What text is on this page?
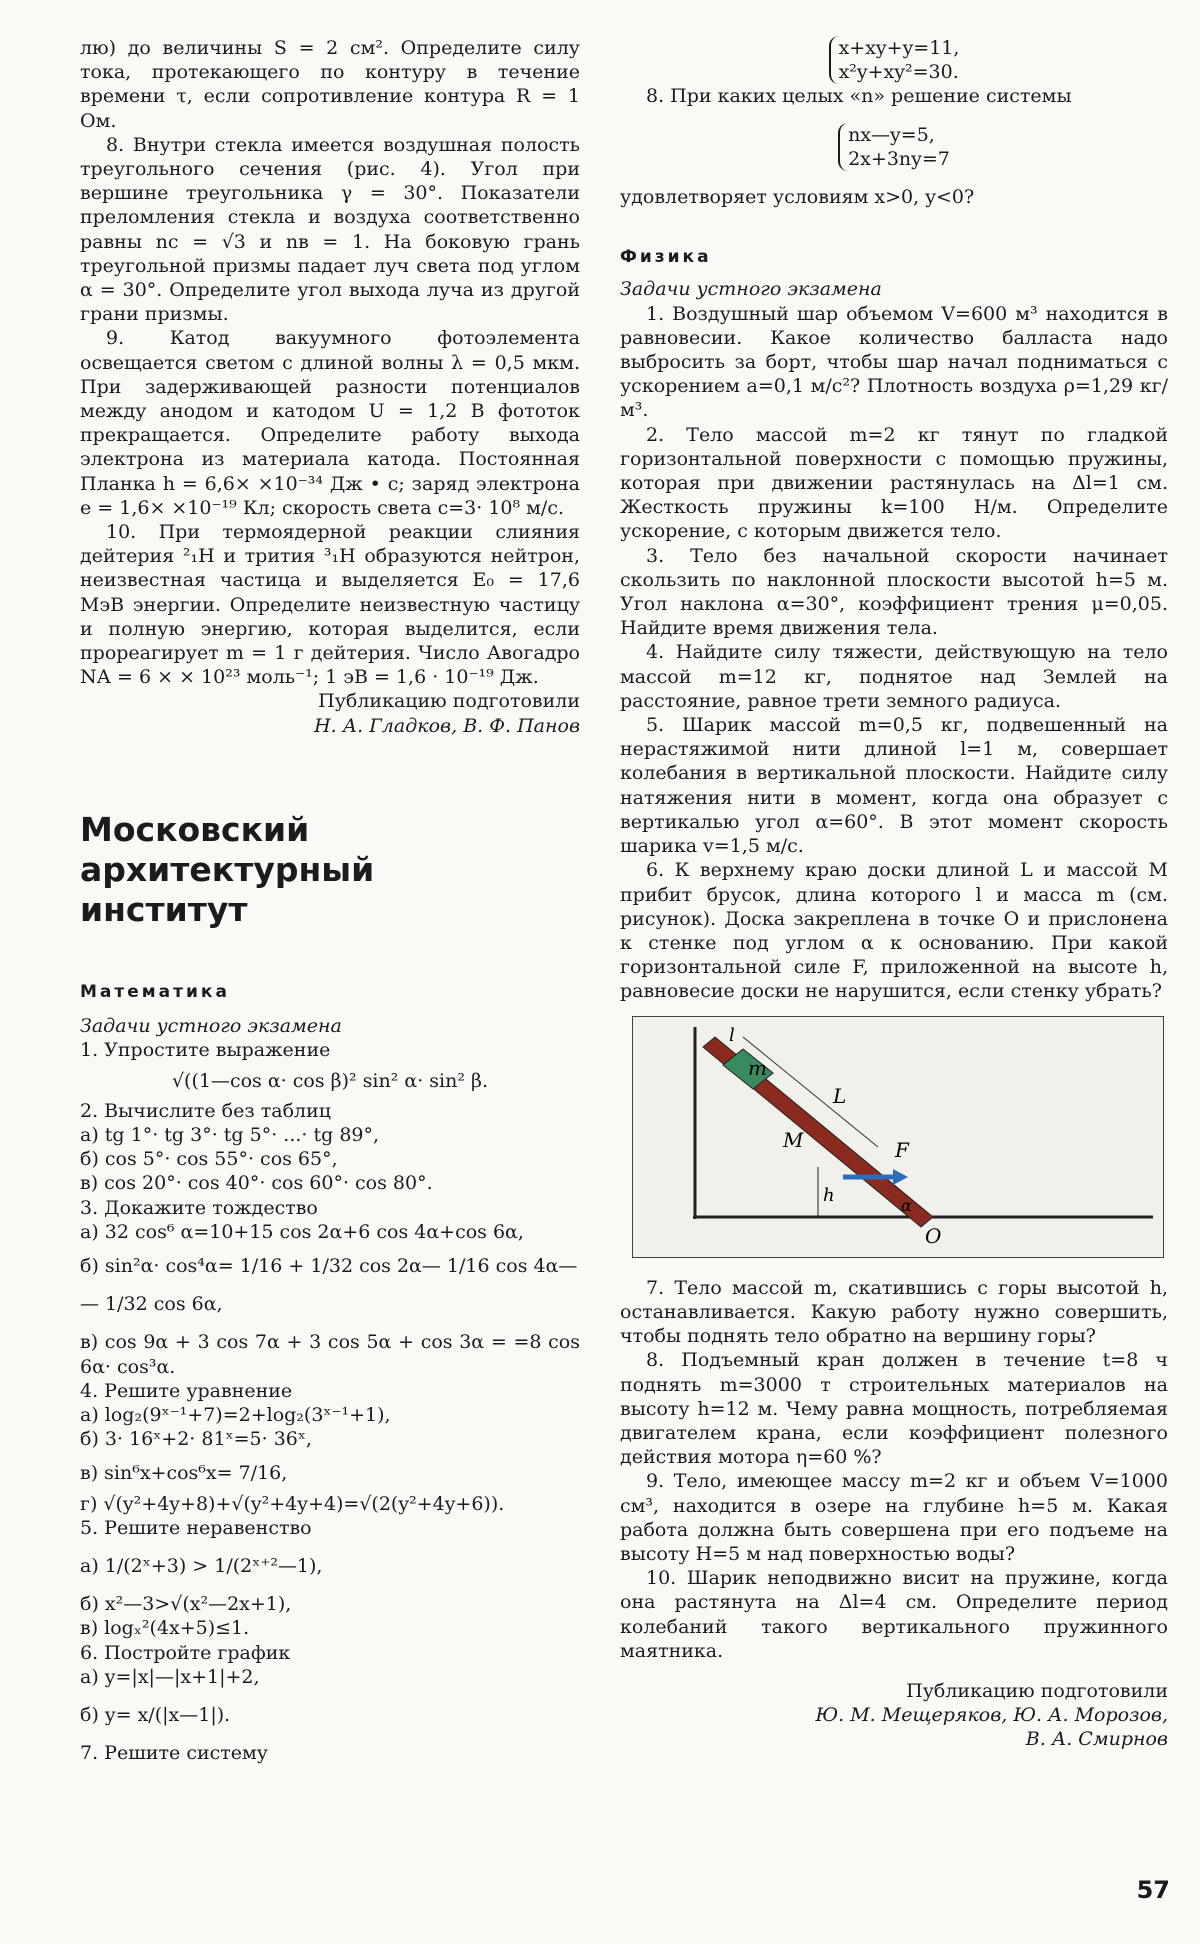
лю) до величины S = 2 см². Определите силу тока, протекающего по контуру в течение времени τ, если сопротивление контура R = 1 Ом.

8. Внутри стекла имеется воздушная полость треугольного сечения (рис. 4). Угол при вершине треугольника γ = 30°. Показатели преломления стекла и воздуха соответственно равны nс = √3 и nв = 1. На боковую грань треугольной призмы падает луч света под углом α = 30°. Определите угол выхода луча из другой грани призмы.

9. Катод вакуумного фотоэлемента освещается светом с длиной волны λ = 0,5 мкм. При задерживающей разности потенциалов между анодом и катодом U = 1,2 В фототок прекращается. Определите работу выхода электрона из материала катода. Постоянная Планка h = 6,6× ×10⁻³⁴ Дж • с; заряд электрона e = 1,6× ×10⁻¹⁹ Кл; скорость света c=3· 10⁸ м/с.

10. При термоядерной реакции слияния дейтерия ²₁H и трития ³₁H образуются нейтрон, неизвестная частица и выделяется E₀ = 17,6 МэВ энергии. Определите неизвестную частицу и полную энергию, которая выделится, если прореагирует m = 1 г дейтерия. Число Авогадро NА = 6 × × 10²³ моль⁻¹; 1 эВ = 1,6 · 10⁻¹⁹ Дж.

Публикацию подготовили

Н. А. Гладков, В. Ф. Панов

Московский архитектурный институт

Математика

Задачи устного экзамена

1. Упростите выражение

√((1—cos α· cos β)² sin² α· sin² β.

2. Вычислите без таблиц

а) tg 1°· tg 3°· tg 5°· ...· tg 89°,

б) cos 5°· cos 55°· cos 65°,

в) cos 20°· cos 40°· cos 60°· cos 80°.

3. Докажите тождество

а) 32 cos⁶ α=10+15 cos 2α+6 cos 4α+cos 6α,

б) sin²α· cos⁴α= 1/16 + 1/32 cos 2α— 1/16 cos 4α—

— 1/32 cos 6α,

в) cos 9α + 3 cos 7α + 3 cos 5α + cos 3α = =8 cos 6α· cos³α.

4. Решите уравнение

а) log₂(9ˣ⁻¹+7)=2+log₂(3ˣ⁻¹+1),

б) 3· 16ˣ+2· 81ˣ=5· 36ˣ,

в) sin⁶x+cos⁶x= 7/16,

г) √(y²+4y+8)+√(y²+4y+4)=√(2(y²+4y+6)).

5. Решите неравенство

а) 1/(2ˣ+3) > 1/(2ˣ⁺²—1),

б) x²—3>√(x²—2x+1),

в) logₓ²(4x+5)≤1.

6. Постройте график

а) y=|x|—|x+1|+2,

б) y= x/(|x—1|).

7. Решите систему

x+xy+y=11,
x²y+xy²=30.

8. При каких целых «n» решение системы

nx—y=5,
2x+3ny=7

удовлетворяет условиям x>0, y<0?

Физика

Задачи устного экзамена

1. Воздушный шар объемом V=600 м³ находится в равновесии. Какое количество балласта надо выбросить за борт, чтобы шар начал подниматься с ускорением a=0,1 м/с²? Плотность воздуха ρ=1,29 кг/м³.

2. Тело массой m=2 кг тянут по гладкой горизонтальной поверхности с помощью пружины, которая при движении растянулась на Δl=1 см. Жесткость пружины k=100 Н/м. Определите ускорение, с которым движется тело.

3. Тело без начальной скорости начинает скользить по наклонной плоскости высотой h=5 м. Угол наклона α=30°, коэффициент трения μ=0,05. Найдите время движения тела.

4. Найдите силу тяжести, действующую на тело массой m=12 кг, поднятое над Землей на расстояние, равное трети земного радиуса.

5. Шарик массой m=0,5 кг, подвешенный на нерастяжимой нити длиной l=1 м, совершает колебания в вертикальной плоскости. Найдите силу натяжения нити в момент, когда она образует с вертикалью угол α=60°. В этот момент скорость шарика v=1,5 м/с.

6. К верхнему краю доски длиной L и массой M прибит брусок, длина которого l и масса m (см. рисунок). Доска закреплена в точке O и прислонена к стенке под углом α к основанию. При какой горизонтальной силе F, приложенной на высоте h, равновесие доски не нарушится, если стенку убрать?

m
l
L
M	F
h	α
O

7. Тело массой m, скатившись с горы высотой h, останавливается. Какую работу нужно совершить, чтобы поднять тело обратно на вершину горы?

8. Подъемный кран должен в течение t=8 ч поднять m=3000 т строительных материалов на высоту h=12 м. Чему равна мощность, потребляемая двигателем крана, если коэффициент полезного действия мотора η=60 %?

9. Тело, имеющее массу m=2 кг и объем V=1000 см³, находится в озере на глубине h=5 м. Какая работа должна быть совершена при его подъеме на высоту H=5 м над поверхностью воды?

10. Шарик неподвижно висит на пружине, когда она растянута на Δl=4 см. Определите период колебаний такого вертикального пружинного маятника.

Публикацию подготовили

Ю. М. Мещеряков, Ю. А. Морозов,

В. А. Смирнов

57
